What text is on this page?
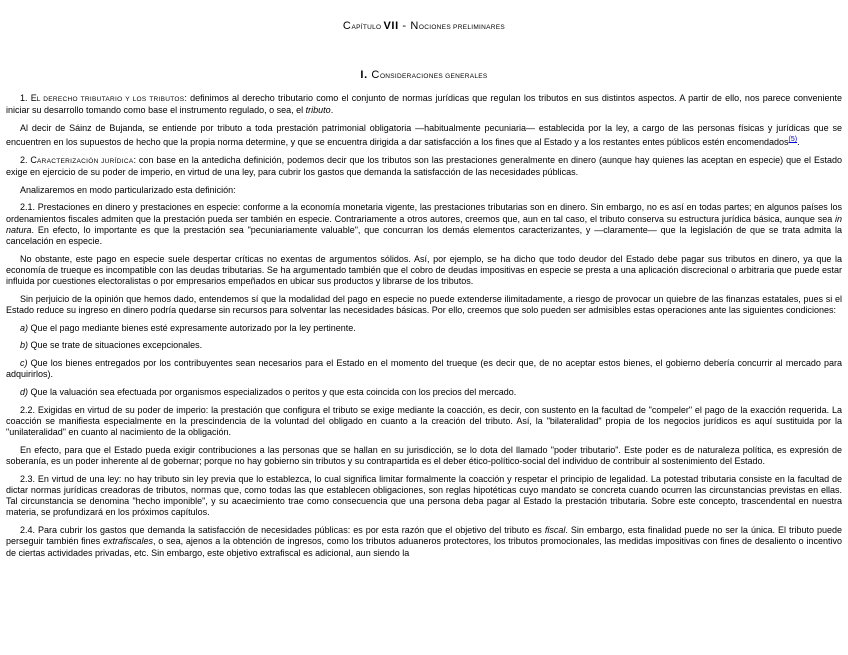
CAPÍTULO VII - NOCIONES PRELIMINARES
I. CONSIDERACIONES GENERALES

1. EL DERECHO TRIBUTARIO Y LOS TRIBUTOS: definimos al derecho tributario como el conjunto de normas jurídicas que regulan los tributos en sus distintos aspectos. A partir de ello, nos parece conveniente iniciar su desarrollo tomando como base el instrumento regulado, o sea, el tributo.

Al decir de Sáinz de Bujanda, se entiende por tributo a toda prestación patrimonial obligatoria —habitualmente pecuniaria— establecida por la ley, a cargo de las personas físicas y jurídicas que se encuentren en los supuestos de hecho que la propia norma determine, y que se encuentra dirigida a dar satisfacción a los fines que al Estado y a los restantes entes públicos estén encomendados$^{(5)}$.

2. CARACTERIZACIÓN JURÍDICA: con base en la antedicha definición, podemos decir que los tributos son las prestaciones generalmente en dinero (aunque hay quienes las aceptan en especie) que el Estado exige en ejercicio de su poder de imperio, en virtud de una ley, para cubrir los gastos que demanda la satisfacción de las necesidades públicas.

Analizaremos en modo particularizado esta definición:

2.1. Prestaciones en dinero y prestaciones en especie: conforme a la economía monetaria vigente, las prestaciones tributarias son en dinero. Sin embargo, no es así en todas partes; en algunos países los ordenamientos fiscales admiten que la prestación pueda ser también en especie. Contrariamente a otros autores, creemos que, aun en tal caso, el tributo conserva su estructura jurídica básica, aunque sea in natura. En efecto, lo importante es que la prestación sea "pecuniariamente valuable", que concurran los demás elementos caracterizantes, y —claramente— que la legislación de que se trata admita la cancelación en especie.

No obstante, este pago en especie suele despertar críticas no exentas de argumentos sólidos. Así, por ejemplo, se ha dicho que todo deudor del Estado debe pagar sus tributos en dinero, ya que la economía de trueque es incompatible con las deudas tributarias. Se ha argumentado también que el cobro de deudas impositivas en especie se presta a una aplicación discrecional o arbitraria que puede estar influida por cuestiones electoralistas o por empresarios empeñados en ubicar sus productos y librarse de los tributos.

Sin perjuicio de la opinión que hemos dado, entendemos sí que la modalidad del pago en especie no puede extenderse ilimitadamente, a riesgo de provocar un quiebre de las finanzas estatales, pues si el Estado reduce su ingreso en dinero podría quedarse sin recursos para solventar las necesidades básicas. Por ello, creemos que solo pueden ser admisibles estas operaciones ante las siguientes condiciones:

a) Que el pago mediante bienes esté expresamente autorizado por la ley pertinente.

b) Que se trate de situaciones excepcionales.

c) Que los bienes entregados por los contribuyentes sean necesarios para el Estado en el momento del trueque (es decir que, de no aceptar estos bienes, el gobierno debería concurrir al mercado para adquirirlos).

d) Que la valuación sea efectuada por organismos especializados o peritos y que esta coincida con los precios del mercado.

2.2. Exigidas en virtud de su poder de imperio: la prestación que configura el tributo se exige mediante la coacción, es decir, con sustento en la facultad de "compeler" el pago de la exacción requerida. La coacción se manifiesta especialmente en la prescindencia de la voluntad del obligado en cuanto a la creación del tributo. Así, la "bilateralidad" propia de los negocios jurídicos es aquí sustituida por la "unilateralidad" en cuanto al nacimiento de la obligación.

En efecto, para que el Estado pueda exigir contribuciones a las personas que se hallan en su jurisdicción, se lo dota del llamado "poder tributario". Este poder es de naturaleza política, es expresión de soberanía, es un poder inherente al de gobernar; porque no hay gobierno sin tributos y su contrapartida es el deber ético-político-social del individuo de contribuir al sostenimiento del Estado.

2.3. En virtud de una ley: no hay tributo sin ley previa que lo establezca, lo cual significa limitar formalmente la coacción y respetar el principio de legalidad. La potestad tributaria consiste en la facultad de dictar normas jurídicas creadoras de tributos, normas que, como todas las que establecen obligaciones, son reglas hipotéticas cuyo mandato se concreta cuando ocurren las circunstancias previstas en ellas. Tal circunstancia se denomina "hecho imponible", y su acaecimiento trae como consecuencia que una persona deba pagar al Estado la prestación tributaria. Sobre este concepto, trascendental en nuestra materia, se profundizará en los próximos capítulos.

2.4. Para cubrir los gastos que demanda la satisfacción de necesidades públicas: es por esta razón que el objetivo del tributo es fiscal. Sin embargo, esta finalidad puede no ser la única. El tributo puede perseguir también fines extrafiscales, o sea, ajenos a la obtención de ingresos, como los tributos aduaneros protectores, los tributos promocionales, las medidas impositivas con fines de desaliento o incentivo de ciertas actividades privadas, etc. Sin embargo, este objetivo extrafiscal es adicional, aun siendo la
